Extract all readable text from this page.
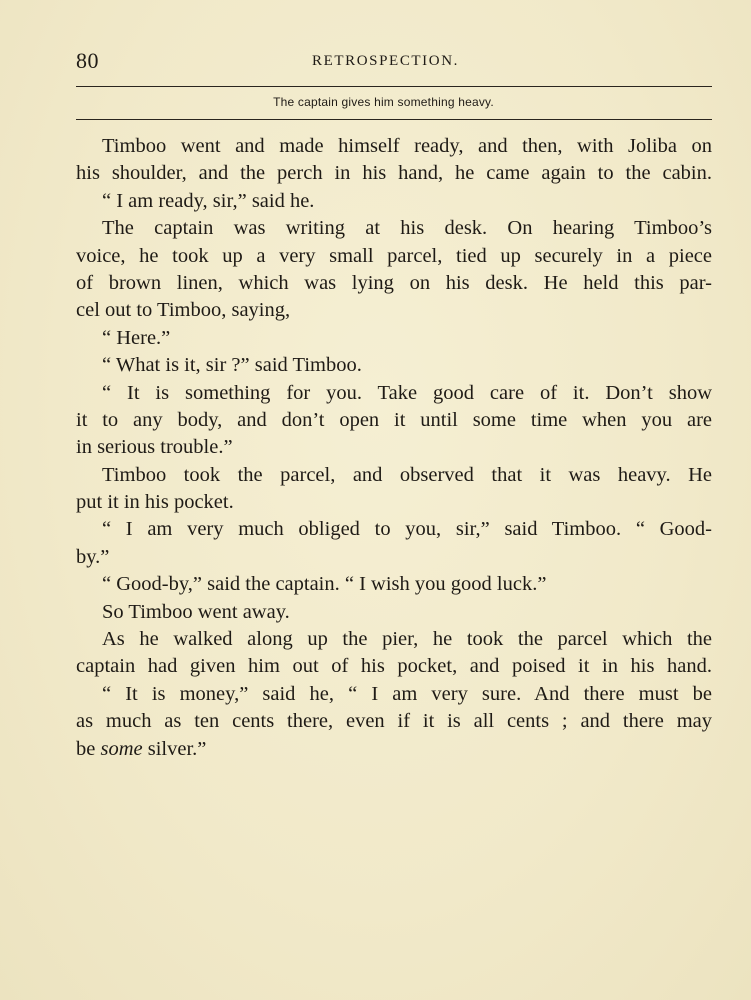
80	RETROSPECTION.
The captain gives him something heavy.
Timboo went and made himself ready, and then, with Joliba on
his shoulder, and the perch in his hand, he came again to the cabin.
“ I am ready, sir,” said he.
The captain was writing at his desk. On hearing Timboo’s
voice, he took up a very small parcel, tied up securely in a piece
of brown linen, which was lying on his desk. He held this par-
cel out to Timboo, saying,
“ Here.”
“ What is it, sir ?” said Timboo.
“ It is something for you. Take good care of it. Don’t show
it to any body, and don’t open it until some time when you are
in serious trouble.”
Timboo took the parcel, and observed that it was heavy. He
put it in his pocket.
“ I am very much obliged to you, sir,” said Timboo. “ Good-
by.”
“ Good-by,” said the captain. “ I wish you good luck.”
So Timboo went away.
As he walked along up the pier, he took the parcel which the
captain had given him out of his pocket, and poised it in his hand.
“ It is money,” said he, “ I am very sure. And there must be
as much as ten cents there, even if it is all cents ; and there may
be some silver.”
